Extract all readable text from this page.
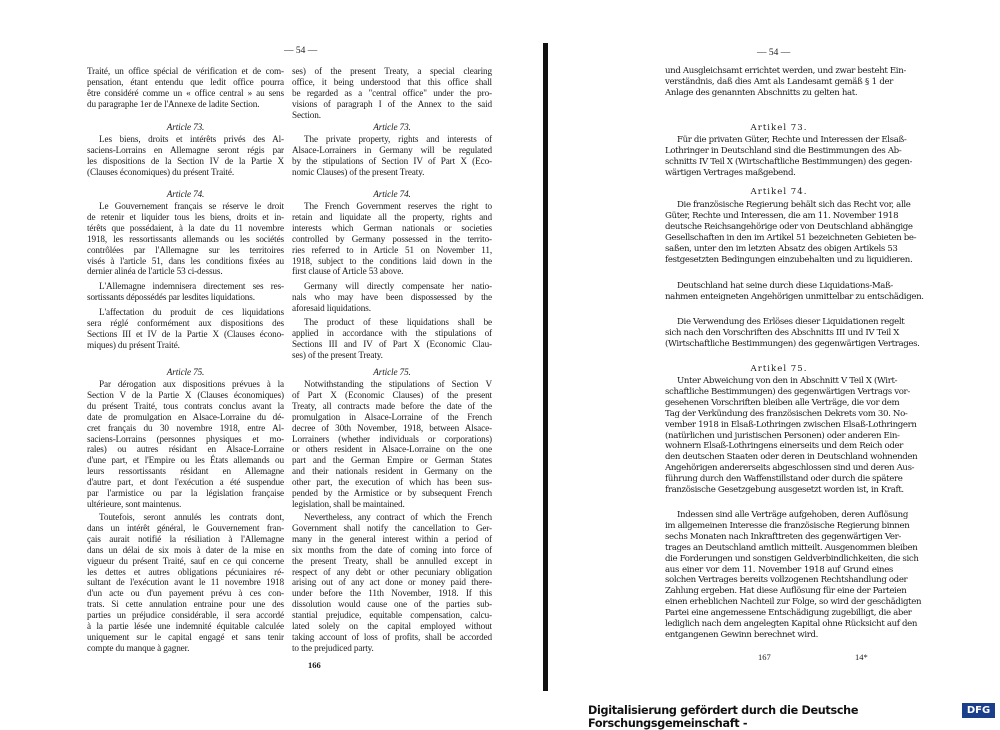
— 54 —
Traité, un office spécial de vérification et de com-
pensation, étant entendu que ledit office pourra
être considéré comme un « office central » au sens
du paragraphe 1er de l'Annexe de ladite Section.
Article 73.
Les biens, droits et intérêts privés des Al-
saciens-Lorrains en Allemagne seront régis par
les dispositions de la Section IV de la Partie X
(Clauses économiques) du présent Traité.
Article 74.
Le Gouvernement français se réserve le droit
de retenir et liquider tous les biens, droits et in-
térêts que possédaient, à la date du 11 novembre
1918, les ressortissants allemands ou les sociétés
contrôlées par l'Allemagne sur les territoires
visés à l'article 51, dans les conditions fixées au
dernier alinéa de l'article 53 ci-dessus.
L'Allemagne indemnisera directement ses res-
sortissants dépossédés par lesdites liquidations.
L'affectation du produit de ces liquidations
sera réglé conformément aux dispositions des
Sections III et IV de la Partie X (Clauses écono-
miques) du présent Traité.
Article 75.
Par dérogation aux dispositions prévues à la
Section V de la Partie X (Clauses économiques)
du présent Traité, tous contrats conclus avant la
date de promulgation en Alsace-Lorraine du dé-
cret français du 30 novembre 1918, entre Al-
saciens-Lorrains (personnes physiques et mo-
rales) ou autres résidant en Alsace-Lorraine
d'une part, et l'Empire ou les États allemands ou
leurs ressortissants résidant en Allemagne
d'autre part, et dont l'exécution a été suspendue
par l'armistice ou par la législation française
ultérieure, sont maintenus.
Toutefois, seront annulés les contrats dont,
dans un intérêt général, le Gouvernement fran-
çais aurait notifié la résiliation à l'Allemagne
dans un délai de six mois à dater de la mise en
vigueur du présent Traité, sauf en ce qui concerne
les dettes et autres obligations pécuniaires ré-
sultant de l'exécution avant le 11 novembre 1918
d'un acte ou d'un payement prévu à ces con-
trats. Si cette annulation entraine pour une des
parties un préjudice considérable, il sera accordé
à la partie lésée une indemnité équitable calculée
uniquement sur le capital engagé et sans tenir
compte du manque à gagner.
ses) of the present Treaty, a special clearing
office, it being understood that this office shall
be regarded as a "central office" under the pro-
visions of paragraph I of the Annex to the said
Section.
Article 73.
The private property, rights and interests of
Alsace-Lorrainers in Germany will be regulated
by the stipulations of Section IV of Part X (Eco-
nomic Clauses) of the present Treaty.
Article 74.
The French Government reserves the right to
retain and liquidate all the property, rights and
interests which German nationals or societies
controlled by Germany possessed in the territo-
ries referred to in Article 51 on November 11,
1918, subject to the conditions laid down in the
first clause of Article 53 above.
Germany will directly compensate her natio-
nals who may have been dispossessed by the
aforesaid liquidations.
The product of these liquidations shall be
applied in accordance with the stipulations of
Sections III and IV of Part X (Economic Clau-
ses) of the present Treaty.
Article 75.
Notwithstanding the stipulations of Section V
of Part X (Economic Clauses) of the present
Treaty, all contracts made before the date of the
promulgation in Alsace-Lorraine of the French
decree of 30th November, 1918, between Alsace-
Lorrainers (whether individuals or corporations)
or others resident in Alsace-Lorraine on the one
part and the German Empire or German States
and their nationals resident in Germany on the
other part, the execution of which has been sus-
pended by the Armistice or by subsequent French
legislation, shall be maintained.
Nevertheless, any contract of which the French
Government shall notify the cancellation to Ger-
many in the general interest within a period of
six months from the date of coming into force of
the present Treaty, shall be annulled except in
respect of any debt or other pecuniary obligation
arising out of any act done or money paid there-
under before the 11th November, 1918. If this
dissolution would cause one of the parties sub-
stantial prejudice, equitable compensation, calcu-
lated solely on the capital employed without
taking account of loss of profits, shall be accorded
to the prejudiced party.
166
— 54 —
und Ausgleichsamt errichtet werden, und zwar besteht Ein-
verständnis, daß dies Amt als Landesamt gemäß § 1 der
Anlage des genannten Abschnitts zu gelten hat.
Artikel 73.
Für die privaten Güter, Rechte und Interessen der Elsaß-
Lothringer in Deutschland sind die Bestimmungen des Ab-
schnitts IV Teil X (Wirtschaftliche Bestimmungen) des gegen-
wärtigen Vertrages maßgebend.
Artikel 74.
Die französische Regierung behält sich das Recht vor, alle
Güter, Rechte und Interessen, die am 11. November 1918
deutsche Reichsangehörige oder von Deutschland abhängige
Gesellschaften in den im Artikel 51 bezeichneten Gebieten be-
saßen, unter den im letzten Absatz des obigen Artikels 53
festgesetzten Bedingungen einzubehalten und zu liquidieren.
Deutschland hat seine durch diese Liquidations-Maß-
nahmen enteigneten Angehörigen unmittelbar zu entschädigen.
Die Verwendung des Erlöses dieser Liquidationen regelt
sich nach den Vorschriften des Abschnitts III und IV Teil X
(Wirtschaftliche Bestimmungen) des gegenwärtigen Vertrages.
Artikel 75.
Unter Abweichung von den in Abschnitt V Teil X (Wirt-
schaftliche Bestimmungen) des gegenwärtigen Vertrags vor-
gesehenen Vorschriften bleiben alle Verträge, die vor dem
Tag der Verkündung des französischen Dekrets vom 30. No-
vember 1918 in Elsaß-Lothringen zwischen Elsaß-Lothringern
(natürlichen und juristischen Personen) oder anderen Ein-
wohnern Elsaß-Lothringens einerseits und dem Reich oder
den deutschen Staaten oder deren in Deutschland wohnenden
Angehörigen andererseits abgeschlossen sind und deren Aus-
führung durch den Waffenstillstand oder durch die spätere
französische Gesetzgebung ausgesetzt worden ist, in Kraft.
Indessen sind alle Verträge aufgehoben, deren Auflösung
im allgemeinen Interesse die französische Regierung binnen
sechs Monaten nach Inkrafttreten des gegenwärtigen Ver-
trages an Deutschland amtlich mitteilt. Ausgenommen bleiben
die Forderungen und sonstigen Geldverbindlichkeiten, die sich
aus einer vor dem 11. November 1918 auf Grund eines
solchen Vertrages bereits vollzogenen Rechtshandlung oder
Zahlung ergeben. Hat diese Auflösung für eine der Parteien
einen erheblichen Nachteil zur Folge, so wird der geschädigten
Partei eine angemessene Entschädigung zugebilligt, die aber
lediglich nach dem angelegten Kapital ohne Rücksicht auf den
entgangenen Gewinn berechnet wird.
167	14*
Digitalisierung gefördert durch die Deutsche Forschungsgemeinschaft -
DFG
